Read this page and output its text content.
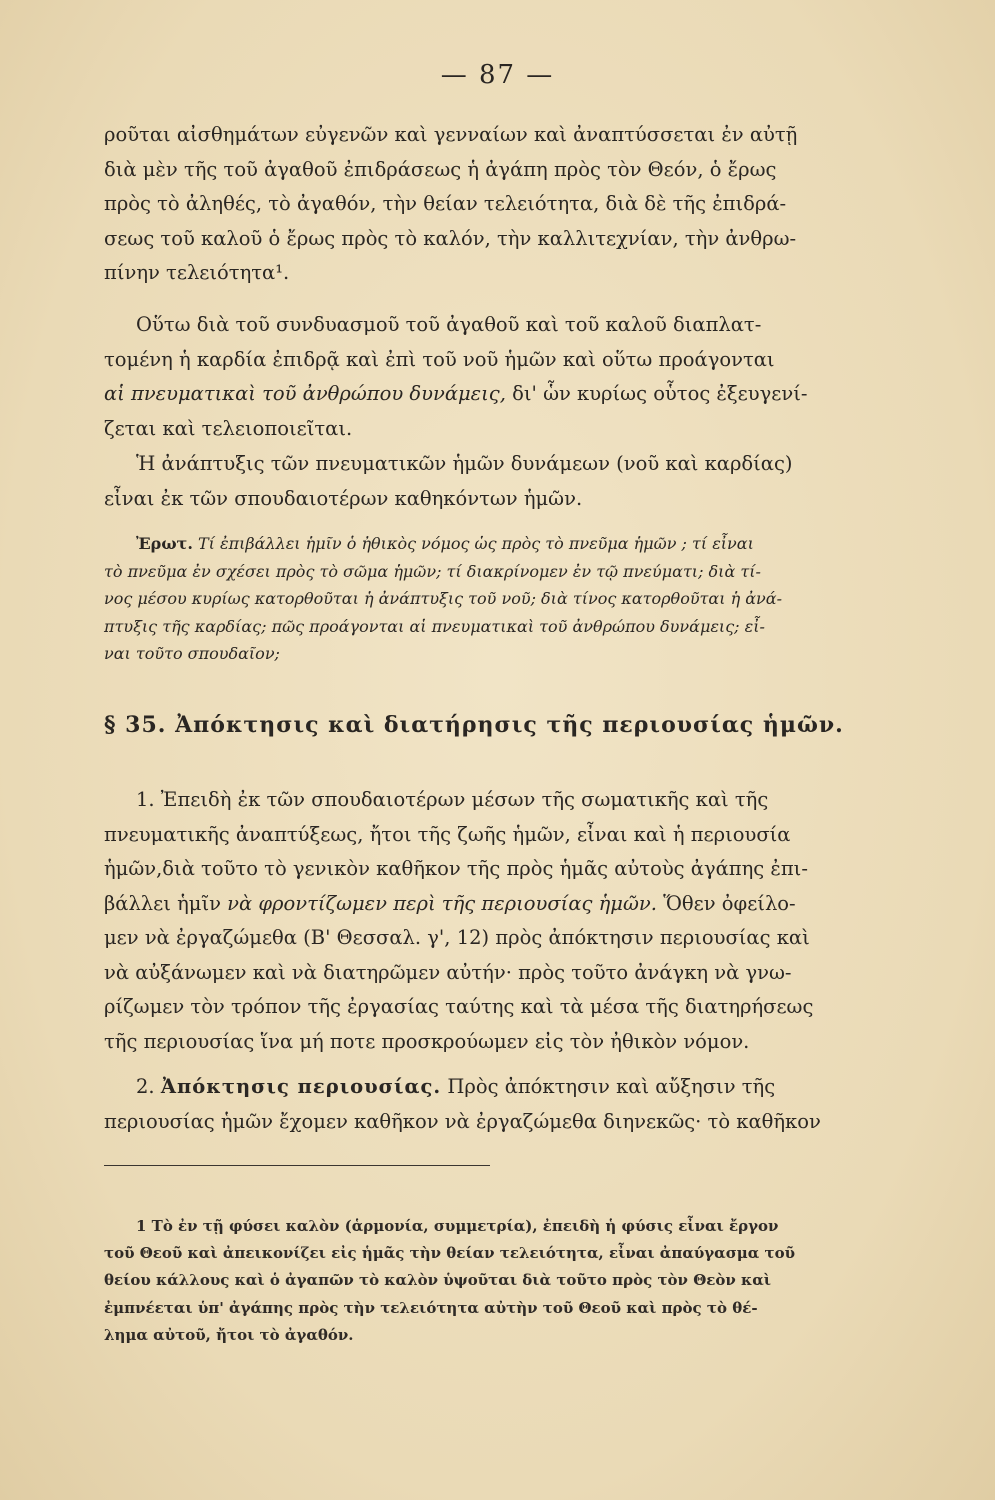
— 87 —
ροῦται αἰσθημάτων εὐγενῶν καὶ γενναίων καὶ ἀναπτύσσεται ἐν αὐτῇ
διὰ μὲν τῆς τοῦ ἀγαθοῦ ἐπιδράσεως ἡ ἀγάπη πρὸς τὸν Θεόν, ὁ ἔρως
πρὸς τὸ ἀληθές, τὸ ἀγαθόν, τὴν θείαν τελειότητα, διὰ δὲ τῆς ἐπιδρά-
σεως τοῦ καλοῦ ὁ ἔρως πρὸς τὸ καλόν, τὴν καλλιτεχνίαν, τὴν ἀνθρω-
πίνην τελειότητα¹.
Οὕτω διὰ τοῦ συνδυασμοῦ τοῦ ἀγαθοῦ καὶ τοῦ καλοῦ διαπλατ-
τομένη ἡ καρδία ἐπιδρᾷ καὶ ἐπὶ τοῦ νοῦ ἡμῶν καὶ οὕτω προάγονται
αἱ πνευματικαὶ τοῦ ἀνθρώπου δυνάμεις, δι' ὧν κυρίως οὗτος ἐξευγενί-
ζεται καὶ τελειοποιεῖται.
Ἡ ἀνάπτυξις τῶν πνευματικῶν ἡμῶν δυνάμεων (νοῦ καὶ καρδίας)
εἶναι ἐκ τῶν σπουδαιοτέρων καθηκόντων ἡμῶν.
Ἐρωτ. Τί ἐπιβάλλει ἡμῖν ὁ ἠθικὸς νόμος ὡς πρὸς τὸ πνεῦμα ἡμῶν ; τί εἶναι
τὸ πνεῦμα ἐν σχέσει πρὸς τὸ σῶμα ἡμῶν; τί διακρίνομεν ἐν τῷ πνεύματι; διὰ τί-
νος μέσου κυρίως κατορθοῦται ἡ ἀνάπτυξις τοῦ νοῦ; διὰ τίνος κατορθοῦται ἡ ἀνά-
πτυξις τῆς καρδίας; πῶς προάγονται αἱ πνευματικαὶ τοῦ ἀνθρώπου δυνάμεις; εἶ-
ναι τοῦτο σπουδαῖον;
§ 35. Ἀπόκτησις καὶ διατήρησις τῆς περιουσίας ἡμῶν.
1. Ἐπειδὴ ἐκ τῶν σπουδαιοτέρων μέσων τῆς σωματικῆς καὶ τῆς
πνευματικῆς ἀναπτύξεως, ἤτοι τῆς ζωῆς ἡμῶν, εἶναι καὶ ἡ περιουσία
ἡμῶν,διὰ τοῦτο τὸ γενικὸν καθῆκον τῆς πρὸς ἡμᾶς αὐτοὺς ἀγάπης ἐπι-
βάλλει ἡμῖν νὰ φροντίζωμεν περὶ τῆς περιουσίας ἡμῶν. Ὅθεν ὀφείλο-
μεν νὰ ἐργαζώμεθα (Β' Θεσσαλ. γ', 12) πρὸς ἀπόκτησιν περιουσίας καὶ
νὰ αὐξάνωμεν καὶ νὰ διατηρῶμεν αὐτήν· πρὸς τοῦτο ἀνάγκη νὰ γνω-
ρίζωμεν τὸν τρόπον τῆς ἐργασίας ταύτης καὶ τὰ μέσα τῆς διατηρήσεως
τῆς περιουσίας ἵνα μή ποτε προσκρούωμεν εἰς τὸν ἠθικὸν νόμον.
2. Ἀπόκτησις περιουσίας. Πρὸς ἀπόκτησιν καὶ αὔξησιν τῆς
περιουσίας ἡμῶν ἔχομεν καθῆκον νὰ ἐργαζώμεθα διηνεκῶς· τὸ καθῆκον
1 Τὸ ἐν τῇ φύσει καλὸν (ἁρμονία, συμμετρία), ἐπειδὴ ἡ φύσις εἶναι ἔργον
τοῦ Θεοῦ καὶ ἀπεικονίζει εἰς ἡμᾶς τὴν θείαν τελειότητα, εἶναι ἀπαύγασμα τοῦ
θείου κάλλους καὶ ὁ ἀγαπῶν τὸ καλὸν ὑψοῦται διὰ τοῦτο πρὸς τὸν Θεὸν καὶ
ἐμπνέεται ὑπ' ἀγάπης πρὸς τὴν τελειότητα αὐτὴν τοῦ Θεοῦ καὶ πρὸς τὸ θέ-
λημα αὐτοῦ, ἤτοι τὸ ἀγαθόν.
